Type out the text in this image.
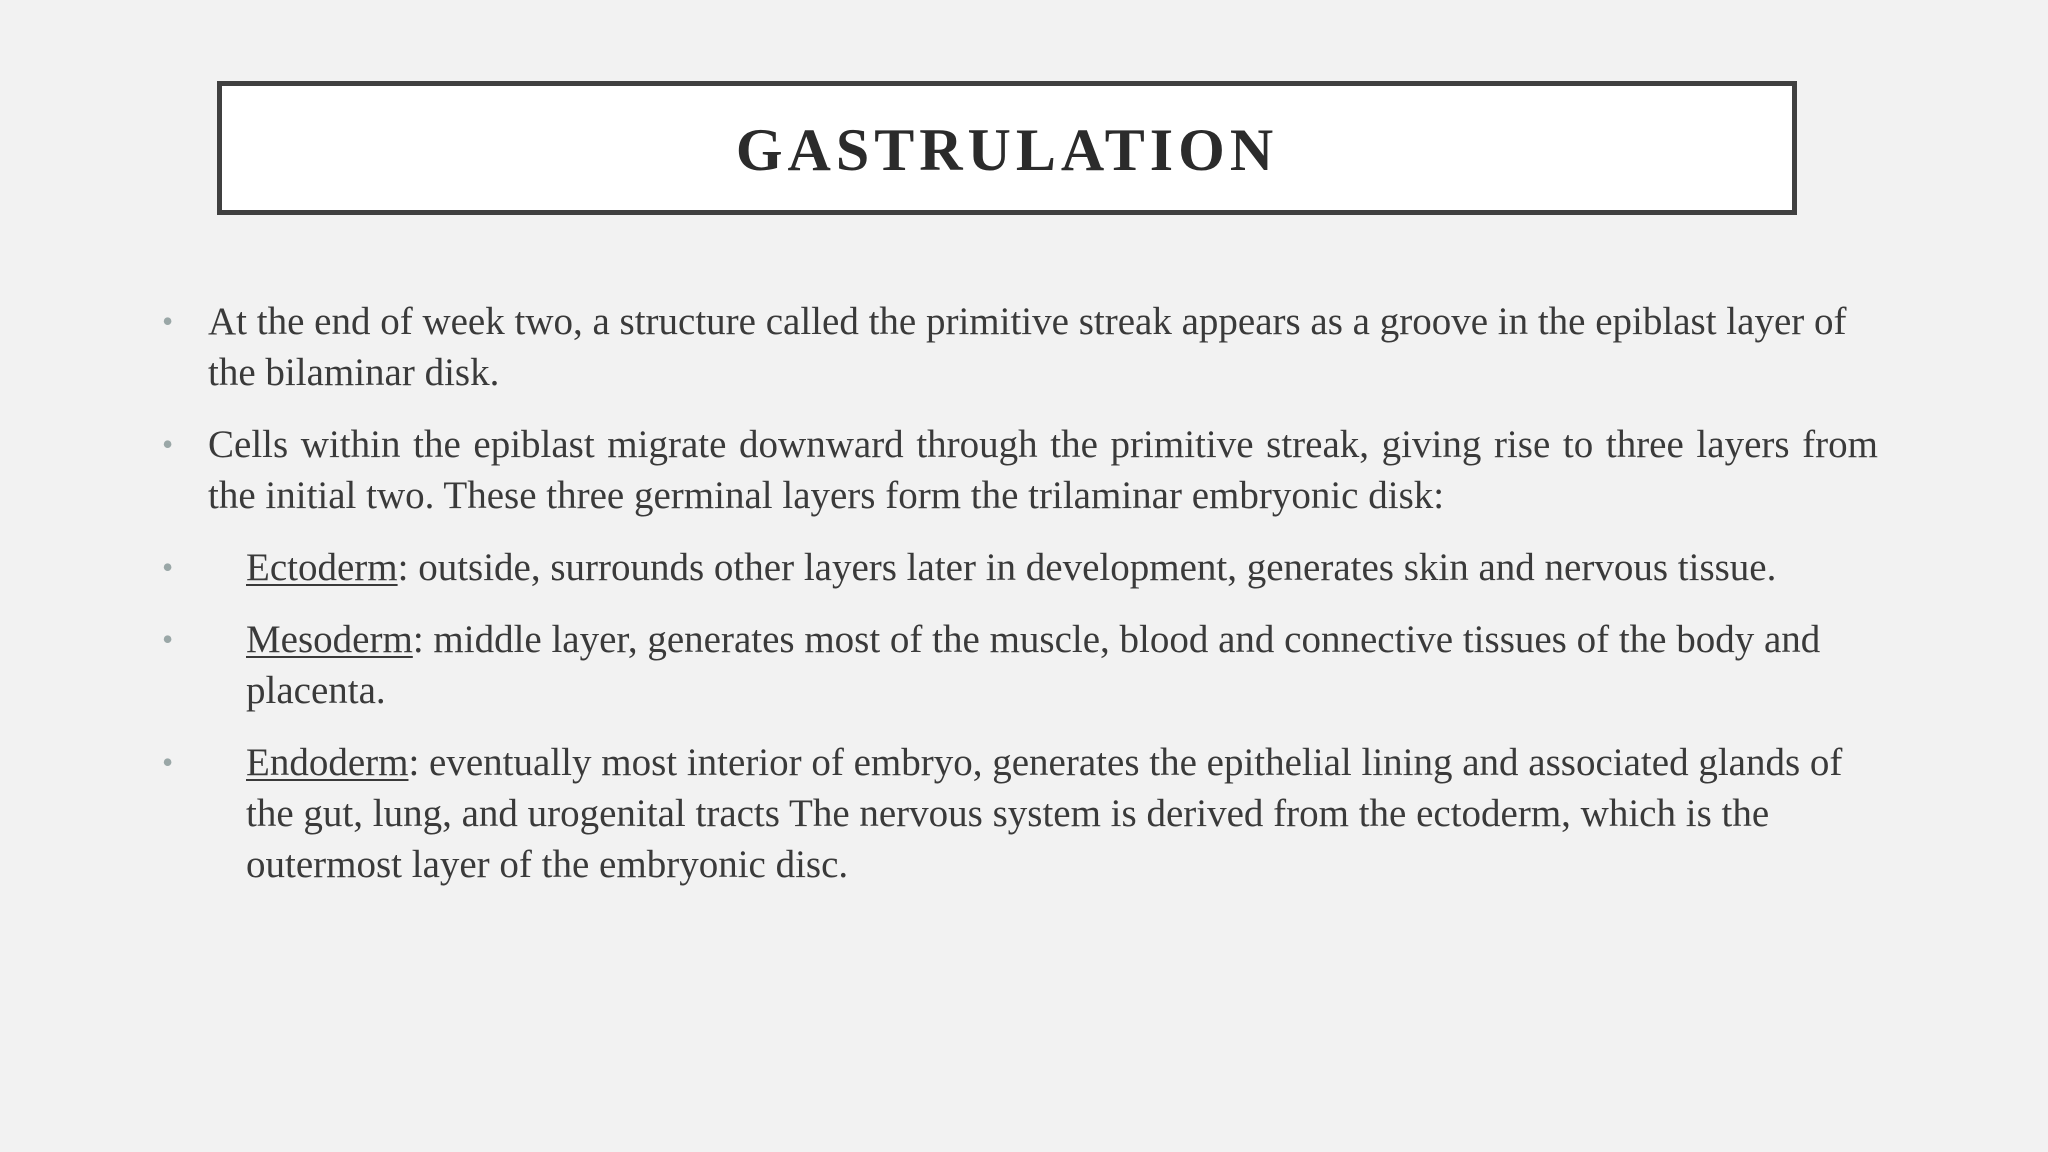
GASTRULATION
• At the end of week two, a structure called the primitive streak appears as a groove in the epiblast layer of the bilaminar disk.
• Cells within the epiblast migrate downward through the primitive streak, giving rise to three layers from the initial two. These three germinal layers form the trilaminar embryonic disk:
• Ectoderm: outside, surrounds other layers later in development, generates skin and nervous tissue.
• Mesoderm: middle layer, generates most of the muscle, blood and connective tissues of the body and placenta.
• Endoderm: eventually most interior of embryo, generates the epithelial lining and associated glands of the gut, lung, and urogenital tracts The nervous system is derived from the ectoderm, which is the outermost layer of the embryonic disc.
